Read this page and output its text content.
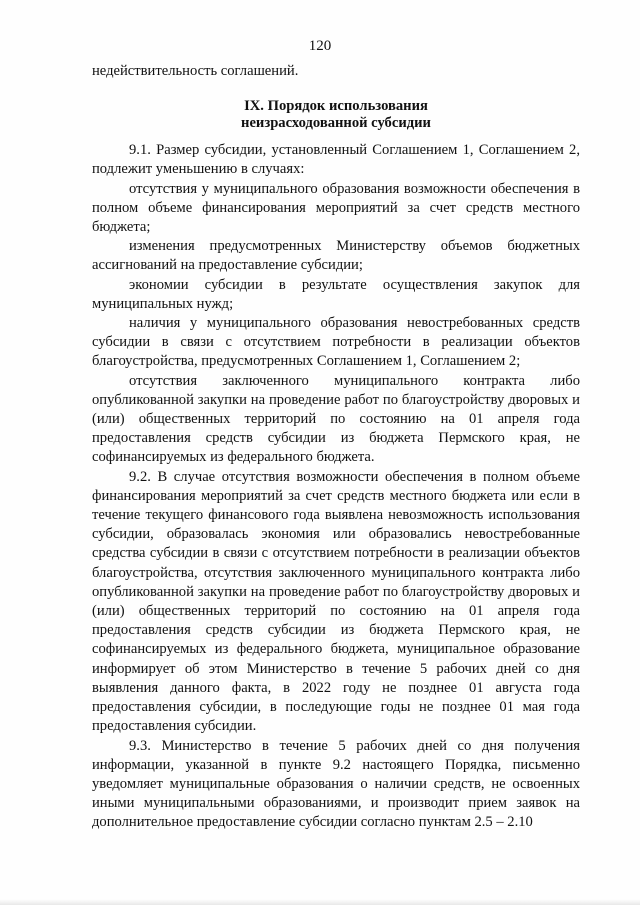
120

недействительность соглашений.

IX. Порядок использования
неизрасходованной субсидии

9.1. Размер субсидии, установленный Соглашением 1, Соглашением 2, подлежит уменьшению в случаях:

отсутствия у муниципального образования возможности обеспечения в полном объеме финансирования мероприятий за счет средств местного бюджета;

изменения предусмотренных Министерству объемов бюджетных ассигнований на предоставление субсидии;

экономии субсидии в результате осуществления закупок для муниципальных нужд;

наличия у муниципального образования невостребованных средств субсидии в связи с отсутствием потребности в реализации объектов благоустройства, предусмотренных Соглашением 1, Соглашением 2;

отсутствия заключенного муниципального контракта либо опубликованной закупки на проведение работ по благоустройству дворовых и (или) общественных территорий по состоянию на 01 апреля года предоставления средств субсидии из бюджета Пермского края, не софинансируемых из федерального бюджета.

9.2. В случае отсутствия возможности обеспечения в полном объеме финансирования мероприятий за счет средств местного бюджета или если в течение текущего финансового года выявлена невозможность использования субсидии, образовалась экономия или образовались невостребованные средства субсидии в связи с отсутствием потребности в реализации объектов благоустройства, отсутствия заключенного муниципального контракта либо опубликованной закупки на проведение работ по благоустройству дворовых и (или) общественных территорий по состоянию на 01 апреля года предоставления средств субсидии из бюджета Пермского края, не софинансируемых из федерального бюджета, муниципальное образование информирует об этом Министерство в течение 5 рабочих дней со дня выявления данного факта, в 2022 году не позднее 01 августа года предоставления субсидии, в последующие годы не позднее 01 мая года предоставления субсидии.

9.3. Министерство в течение 5 рабочих дней со дня получения информации, указанной в пункте 9.2 настоящего Порядка, письменно уведомляет муниципальные образования о наличии средств, не освоенных иными муниципальными образованиями, и производит прием заявок на дополнительное предоставление субсидии согласно пунктам 2.5 – 2.10
